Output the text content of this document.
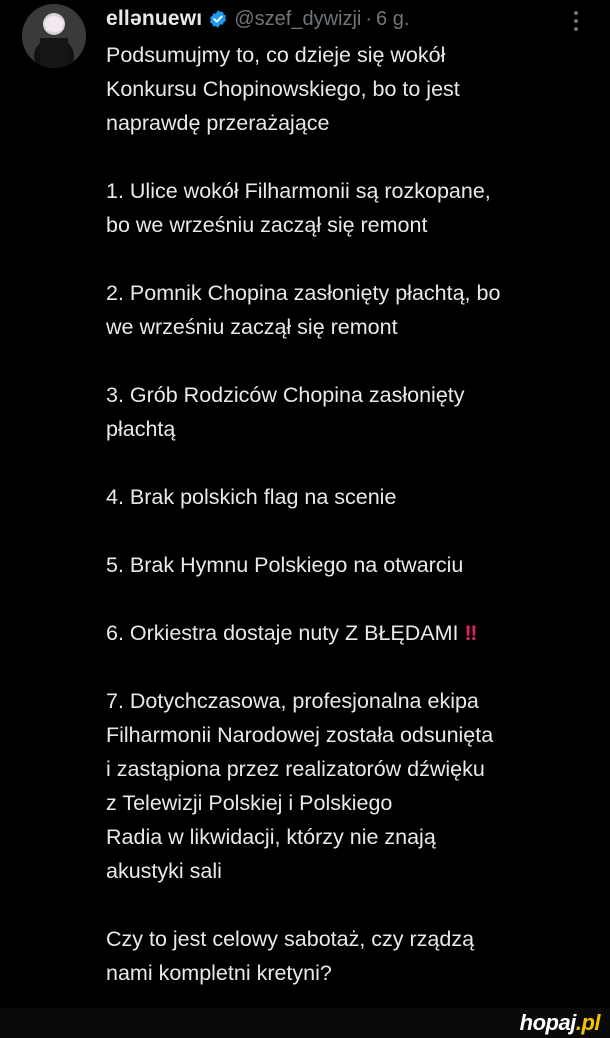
ellənuewı @szef_dywizji · 6 g.

Podsumujmy to, co dzieje się wokół
Konkursu Chopinowskiego, bo to jest
naprawdę przerażające

1. Ulice wokół Filharmonii są rozkopane,
bo we wrześniu zaczął się remont

2. Pomnik Chopina zasłonięty płachtą, bo
we wrześniu zaczął się remont

3. Grób Rodziców Chopina zasłonięty
płachtą

4. Brak polskich flag na scenie

5. Brak Hymnu Polskiego na otwarciu

6. Orkiestra dostaje nuty Z BŁĘDAMI ‼

7. Dotychczasowa, profesjonalna ekipa
Filharmonii Narodowej została odsunięta
i zastąpiona przez realizatorów dźwięku
z Telewizji Polskiej i Polskiego
Radia w likwidacji, którzy nie znają
akustyki sali

Czy to jest celowy sabotaż, czy rządzą
nami kompletni kretyni?

hopaj.pl
